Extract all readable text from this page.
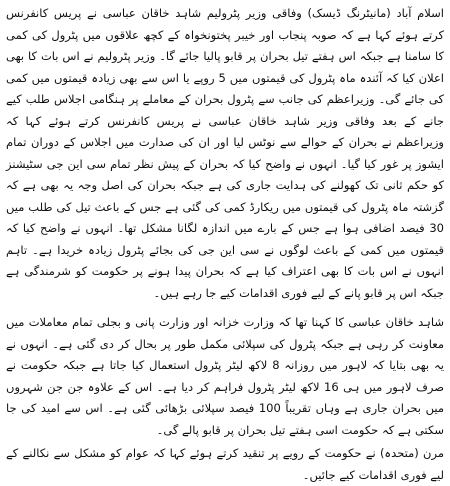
اسلام آباد (مانیٹرنگ ڈیسک) وفاقی وزیر پٹرولیم شاہد خاقان عباسی نے پریس کانفرنس کرتے ہوئے کہا ہے کہ صوبہ پنجاب اور خیبر پختونخواہ کے کچھ علاقوں میں پٹرول کی کمی کا سامنا ہے جبکہ اس ہفتے تیل بحران پر قابو پالیا جائے گا۔ وزیر پٹرولیم نے اس بات کا بھی اعلان کیا کہ آئندہ ماہ پٹرول کی قیمتوں میں 5 روپے یا اس سے بھی زیادہ قیمتوں میں کمی کی جائے گی۔ وزیراعظم کی جانب سے پٹرول بحران کے معاملے پر ہنگامی اجلاس طلب کیے جانے کے بعد وفاقی وزیر شاہد خاقان عباسی نے پریس کانفرنس کرتے ہوئے کہا کہ وزیراعظم نے بحران کے حوالے سے نوٹس لیا اور ان کی صدارت میں اجلاس کے دوران تمام ایشوز پر غور کیا گیا۔ انہوں نے واضح کیا کہ بحران کے پیش نظر تمام سی این جی سٹیشنز کو حکم ثانی تک کھولنے کی ہدایت جاری کی ہے جبکہ بحران کی اصل وجہ یہ بھی ہے کہ گزشتہ ماہ پٹرول کی قیمتوں میں ریکارڈ کمی کی گئی ہے جس کے باعث تیل کی طلب میں 30 فیصد اضافی ہوا ہے جس کے بارے میں اندازہ لگانا مشکل تھا۔ انہوں نے واضح کیا کہ قیمتوں میں کمی کے باعث لوگوں نے سی این جی کی بجائے پٹرول زیادہ خریدا ہے۔ تاہم انہوں نے اس بات کا بھی اعتراف کیا ہے کہ بحران پیدا ہونے پر حکومت کو شرمندگی ہے جبکہ اس پر قابو پانے کے لیے فوری اقدامات کیے جا رہے ہیں۔

شاہد خاقان عباسی کا کہنا تھا کہ وزارت خزانہ اور وزارت پانی و بجلی تمام معاملات میں معاونت کر رہی ہے جبکہ پٹرول کی سپلائی مکمل طور پر بحال کر دی گئی ہے۔ انہوں نے یہ بھی بتایا کہ لاہور میں روزانہ 8 لاکھ لیٹر پٹرول استعمال کیا جاتا ہے جبکہ حکومت نے صرف لاہور میں ہی 16 لاکھ لیٹر پٹرول فراہم کر دیا ہے۔ اس کے علاوہ جن جن شہروں میں بحران جاری ہے وہاں تقریباً 100 فیصد سپلائی بڑھائی گئی ہے۔ اس سے امید کی جا سکتی ہے کہ حکومت اسی ہفتے تیل بحران پر قابو پالے گی۔

مرن (متحدہ) نے حکومت کے رویے پر تنقید کرتے ہوئے کہا کہ عوام کو مشکل سے نکالنے کے لیے فوری اقدامات کیے جائیں۔
